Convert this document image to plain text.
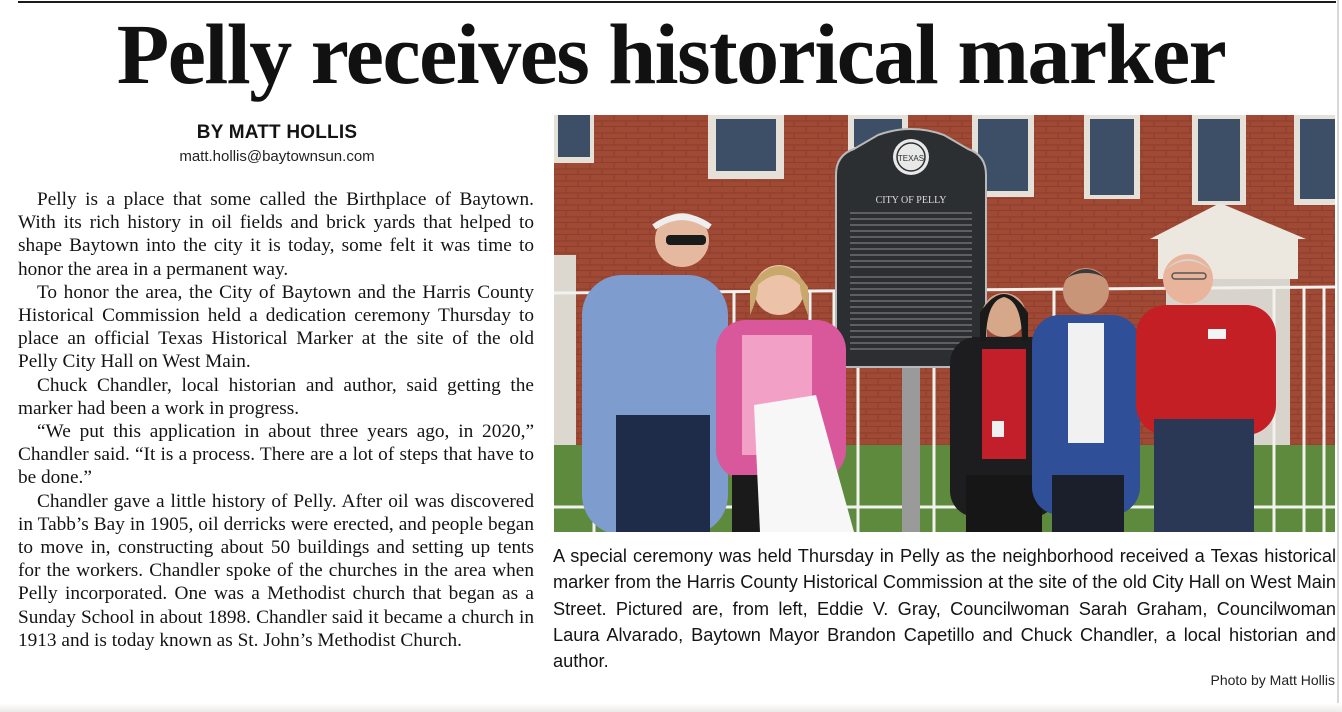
Pelly receives historical marker
BY MATT HOLLIS
matt.hollis@baytownsun.com

Pelly is a place that some called the Birthplace of Baytown. With its rich history in oil fields and brick yards that helped to shape Baytown into the city it is today, some felt it was time to honor the area in a permanent way.

To honor the area, the City of Baytown and the Harris County Historical Commission held a dedication ceremony Thursday to place an official Texas Historical Marker at the site of the old Pelly City Hall on West Main.

Chuck Chandler, local historian and author, said getting the marker had been a work in progress.

“We put this application in about three years ago, in 2020,” Chandler said. “It is a process. There are a lot of steps that have to be done.”

Chandler gave a little history of Pelly. After oil was discovered in Tabb’s Bay in 1905, oil derricks were erected, and people began to move in, constructing about 50 buildings and setting up tents for the workers. Chandler spoke of the churches in the area when Pelly incorporated. One was a Methodist church that began as a Sunday School in about 1898. Chandler said it became a church in 1913 and is today known as St. John’s Methodist Church.

TEXAS
CITY OF PELLY
A special ceremony was held Thursday in Pelly as the neighborhood received a Texas historical marker from the Harris County Historical Commission at the site of the old City Hall on West Main Street. Pictured are, from left, Eddie V. Gray, Councilwoman Sarah Graham, Councilwoman Laura Alvarado, Baytown Mayor Brandon Capetillo and Chuck Chandler, a local historian and author.
Photo by Matt Hollis
